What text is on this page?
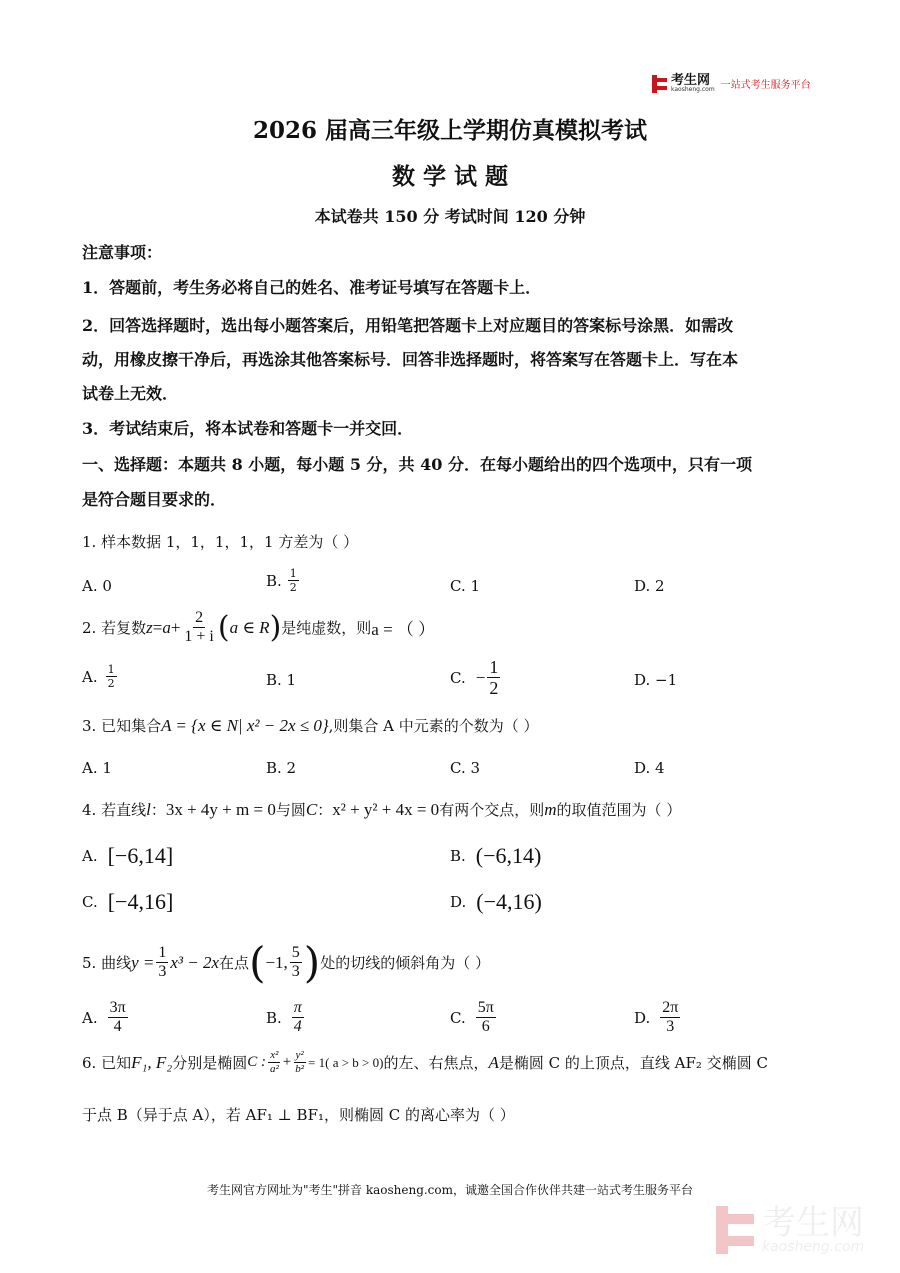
考生网
kaosheng.com 一站式考生服务平台
2026 届高三年级上学期仿真模拟考试
数 学 试 题
本试卷共 150 分 考试时间 120 分钟
注意事项：
1．答题前，考生务必将自己的姓名、准考证号填写在答题卡上．
2．回答选择题时，选出每小题答案后，用铅笔把答题卡上对应题目的答案标号涂黑．如需改
动，用橡皮擦干净后，再选涂其他答案标号．回答非选择题时，将答案写在答题卡上．写在本
试卷上无效．
3．考试结束后，将本试卷和答题卡一并交回．
一、选择题：本题共 8 小题，每小题 5 分，共 40 分．在每小题给出的四个选项中，只有一项
是符合题目要求的．
1. 样本数据 1，1，1，1，1 方差为（ ）
A. 0	B. $\frac{1}{2}$	C. 1	D. 2
2. 若复数 $z = a + \frac{2}{1 + i}$ ( a ∈ R ) 是纯虚数，则 a = （ ）
A. $\frac{1}{2}$	B. 1	C. − $\frac{1}{2}$	D. −1
3. 已知集合 A = {x ∈ N| x² − 2x ≤ 0} ,则集合 A 中元素的个数为（ ）
A. 1	B. 2	C. 3	D. 4
4. 若直线 l ： 3x + 4y + m = 0 与圆 C ： x² + y² + 4x = 0 有两个交点，则 m 的取值范围为（ ）
A. [−6,14]	B. (−6,14)
C. [−4,16]	D. (−4,16)
5. 曲线 $y = \frac{1}{3} x^3 - 2x$ 在点 ( −1, $\frac{5}{3}$ ) 处的切线的倾斜角为（ ）
A. $\frac{3\pi}{4}$	B. $\frac{\pi}{4}$	C. $\frac{5\pi}{6}$	D. $\frac{2\pi}{3}$
6. 已知 F₁, F₂ 分别是椭圆 C : $\frac{\text{x²}}{\text{a²}} + \frac{\text{y²}}{\text{b²}} = 1$( a > b > 0) 的左、右焦点， A 是椭圆 C 的上顶点，直线 AF₂ 交椭圆 C
于点 B（异于点 A），若 AF₁ ⊥ BF₁，则椭圆 C 的离心率为（ ）
考生网官方网址为"考生"拼音 kaosheng.com，诚邀全国合作伙伴共建一站式考生服务平台
考生网
kaosheng.com
